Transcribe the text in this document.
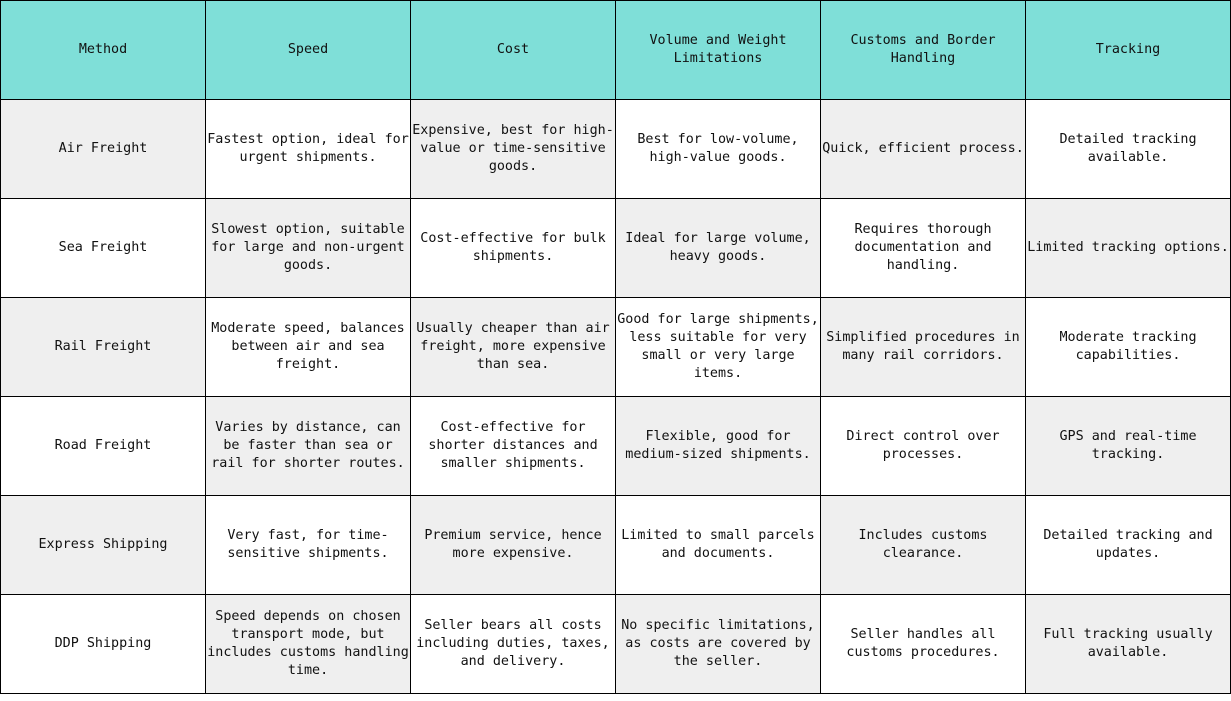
Method	Speed	Cost	Volume and Weight Limitations	Customs and Border Handling	Tracking
Air Freight	Fastest option, ideal for urgent shipments.	Expensive, best for high-value or time-sensitive goods.	Best for low-volume, high-value goods.	Quick, efficient process.	Detailed tracking available.
Sea Freight	Slowest option, suitable for large and non-urgent goods.	Cost-effective for bulk shipments.	Ideal for large volume, heavy goods.	Requires thorough documentation and handling.	Limited tracking options.
Rail Freight	Moderate speed, balances between air and sea freight.	Usually cheaper than air freight, more expensive than sea.	Good for large shipments, less suitable for very small or very large items.	Simplified procedures in many rail corridors.	Moderate tracking capabilities.
Road Freight	Varies by distance, can be faster than sea or rail for shorter routes.	Cost-effective for shorter distances and smaller shipments.	Flexible, good for medium-sized shipments.	Direct control over processes.	GPS and real-time tracking.
Express Shipping	Very fast, for time-sensitive shipments.	Premium service, hence more expensive.	Limited to small parcels and documents.	Includes customs clearance.	Detailed tracking and updates.
DDP Shipping	Speed depends on chosen transport mode, but includes customs handling time.	Seller bears all costs including duties, taxes, and delivery.	No specific limitations, as costs are covered by the seller.	Seller handles all customs procedures.	Full tracking usually available.
